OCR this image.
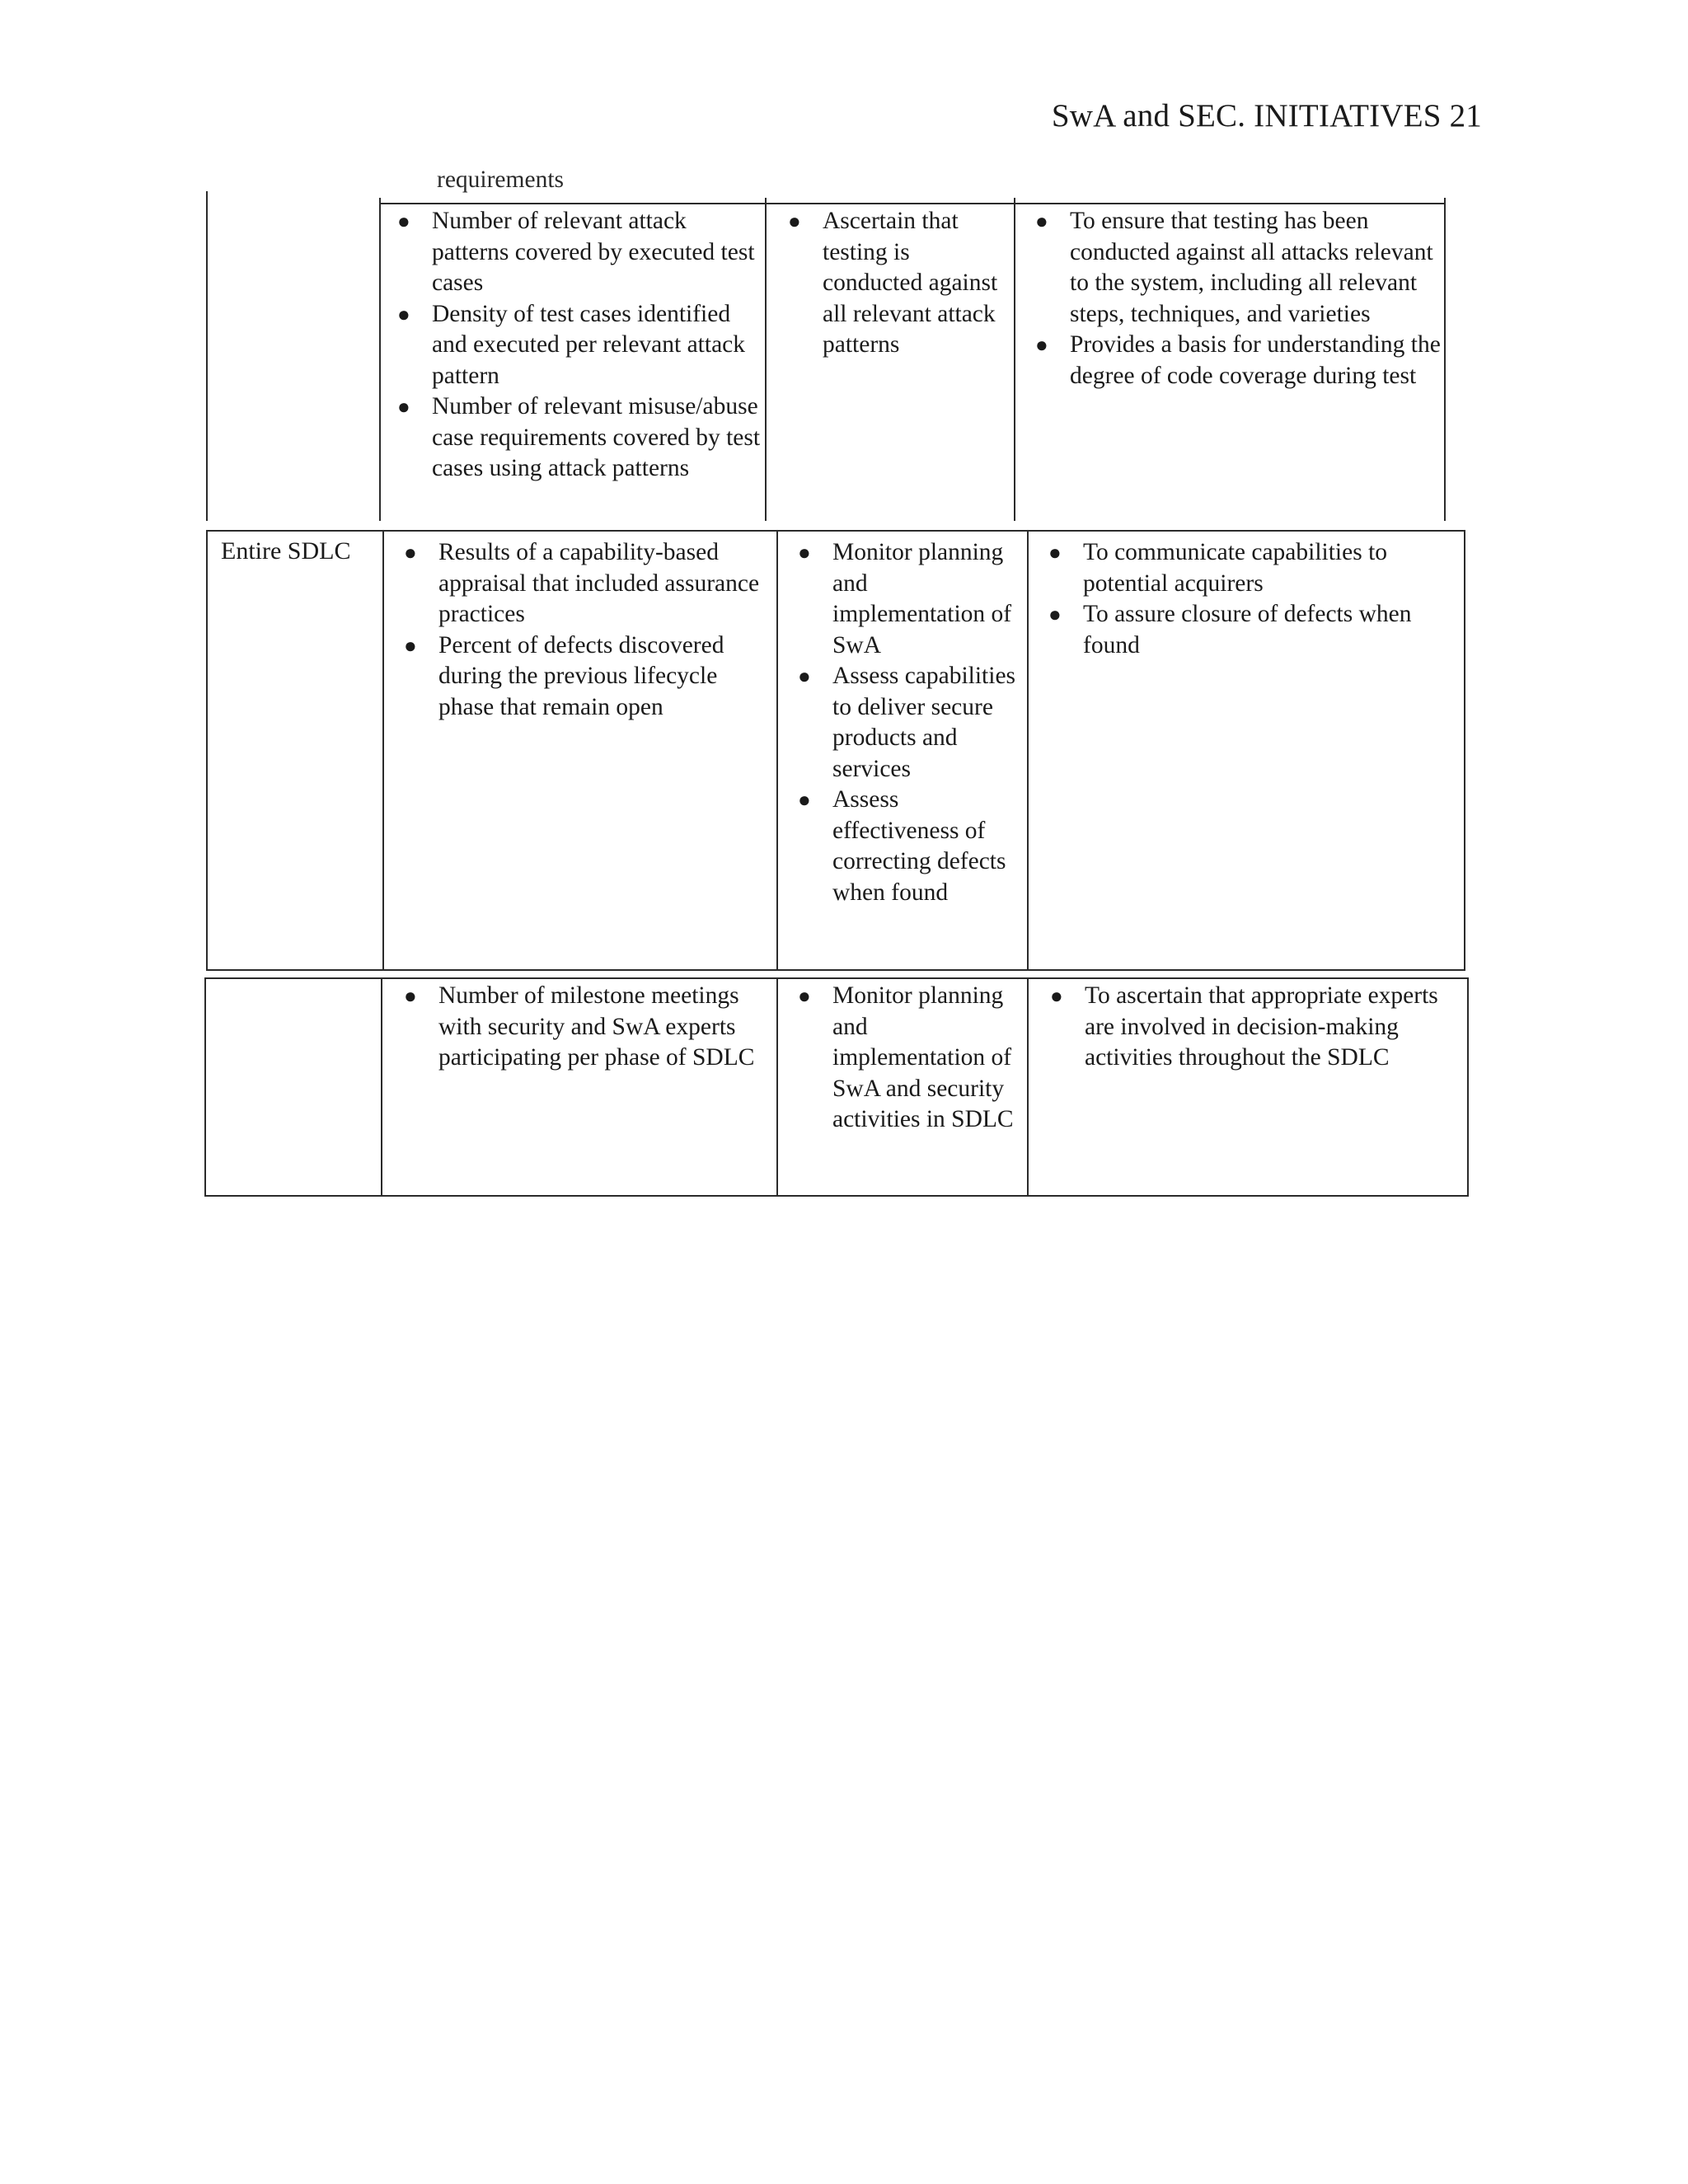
SwA and SEC. INITIATIVES 21
requirements
● Number of relevant attack patterns covered by executed test cases
● Density of test cases identified and executed per relevant attack pattern
● Number of relevant misuse/abuse case requirements covered by test cases using attack patterns
● Ascertain that testing is conducted against all relevant attack patterns
● To ensure that testing has been conducted against all attacks relevant to the system, including all relevant steps, techniques, and varieties
● Provides a basis for understanding the degree of code coverage during test
Entire SDLC	● Results of a capability-based appraisal that included assurance practices
● Percent of defects discovered during the previous lifecycle phase that remain open
● Monitor planning and implementation of SwA
● Assess capabilities to deliver secure products and services
● Assess effectiveness of correcting defects when found
● To communicate capabilities to potential acquirers
● To assure closure of defects when found
● Number of milestone meetings with security and SwA experts participating per phase of SDLC
● Monitor planning and implementation of SwA and security activities in SDLC
● To ascertain that appropriate experts are involved in decision-making activities throughout the SDLC
